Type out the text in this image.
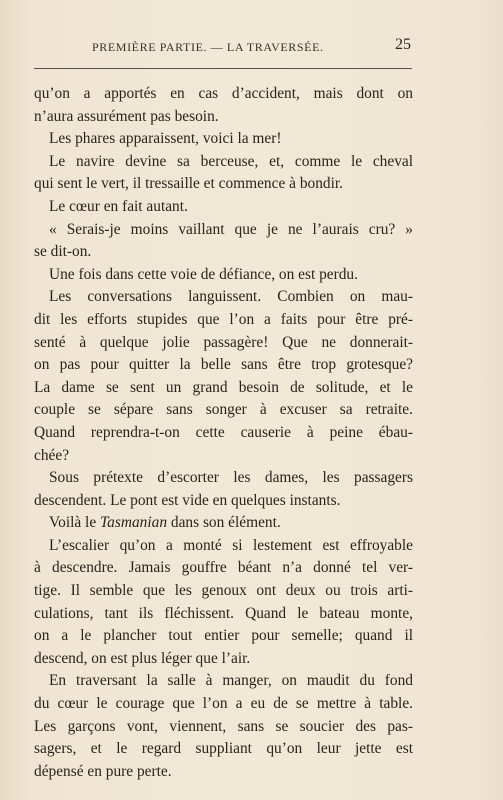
PREMIÈRE PARTIE. — LA TRAVERSÉE.	25
qu’on a apportés en cas d’accident, mais dont on
n’aura assurément pas besoin.
Les phares apparaissent, voici la mer!
Le navire devine sa berceuse, et, comme le cheval
qui sent le vert, il tressaille et commence à bondir.
Le cœur en fait autant.
« Serais-je moins vaillant que je ne l’aurais cru? »
se dit-on.
Une fois dans cette voie de défiance, on est perdu.
Les conversations languissent. Combien on mau-
dit les efforts stupides que l’on a faits pour être pré-
senté à quelque jolie passagère! Que ne donnerait-
on pas pour quitter la belle sans être trop grotesque?
La dame se sent un grand besoin de solitude, et le
couple se sépare sans songer à excuser sa retraite.
Quand reprendra-t-on cette causerie à peine ébau-
chée?
Sous prétexte d’escorter les dames, les passagers
descendent. Le pont est vide en quelques instants.
Voilà le Tasmanian dans son élément.
L’escalier qu’on a monté si lestement est effroyable
à descendre. Jamais gouffre béant n’a donné tel ver-
tige. Il semble que les genoux ont deux ou trois arti-
culations, tant ils fléchissent. Quand le bateau monte,
on a le plancher tout entier pour semelle; quand il
descend, on est plus léger que l’air.
En traversant la salle à manger, on maudit du fond
du cœur le courage que l’on a eu de se mettre à table.
Les garçons vont, viennent, sans se soucier des pas-
sagers, et le regard suppliant qu’on leur jette est
dépensé en pure perte.
